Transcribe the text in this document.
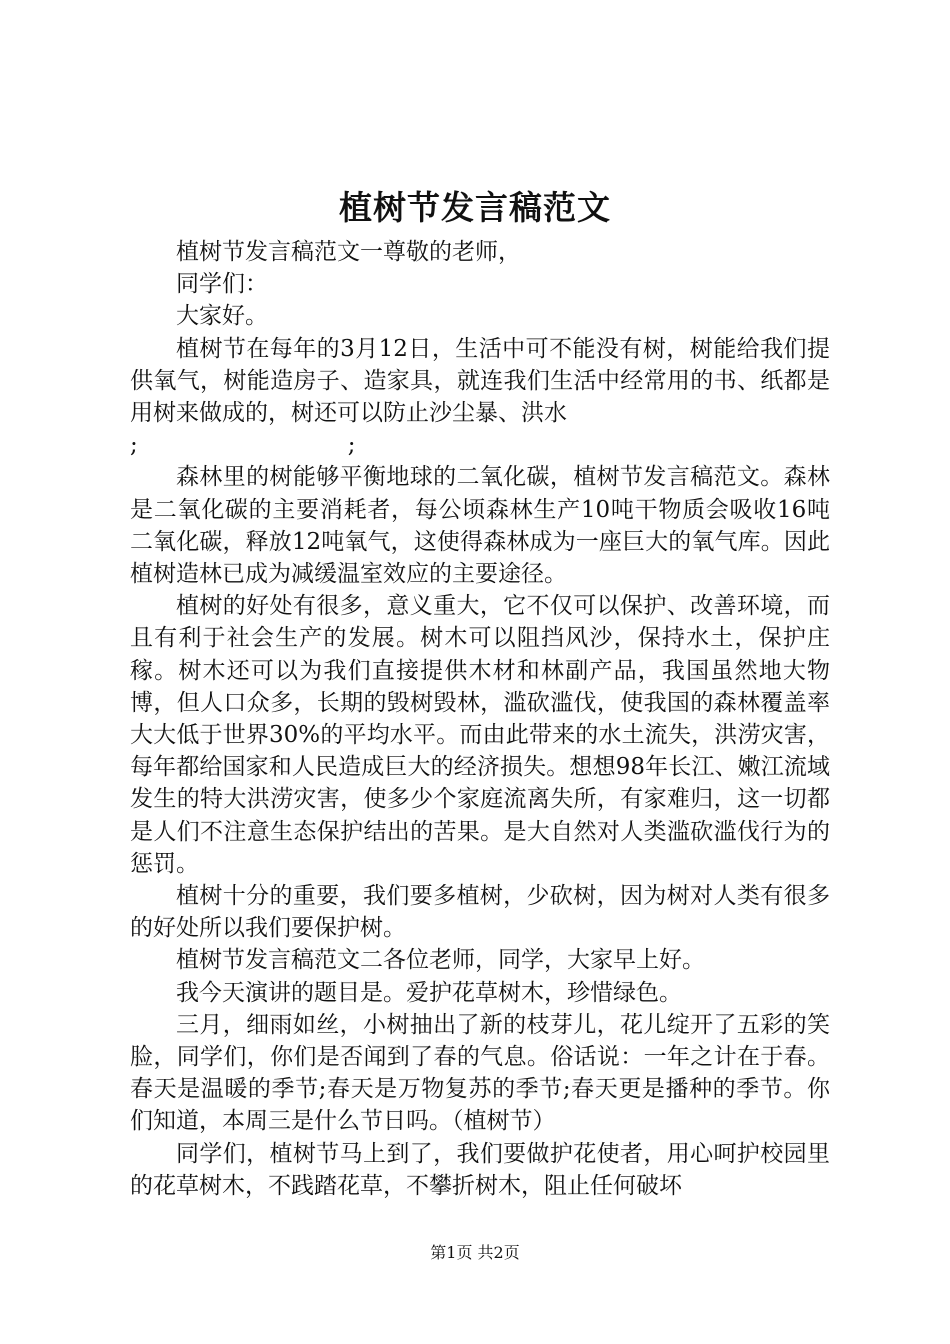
植树节发言稿范文

植树节发言稿范文一尊敬的老师，

同学们：

大家好。

植树节在每年的3月12日，生活中可不能没有树，树能给我们提供氧气，树能造房子、造家具，就连我们生活中经常用的书、纸都是用树来做成的，树还可以防止沙尘暴、洪水

;	;

森林里的树能够平衡地球的二氧化碳，植树节发言稿范文。森林是二氧化碳的主要消耗者，每公顷森林生产10吨干物质会吸收16吨二氧化碳，释放12吨氧气，这使得森林成为一座巨大的氧气库。因此植树造林已成为减缓温室效应的主要途径。

植树的好处有很多，意义重大，它不仅可以保护、改善环境，而且有利于社会生产的发展。树木可以阻挡风沙，保持水土，保护庄稼。树木还可以为我们直接提供木材和林副产品，我国虽然地大物博，但人口众多，长期的毁树毁林，滥砍滥伐，使我国的森林覆盖率大大低于世界30%的平均水平。而由此带来的水土流失，洪涝灾害，每年都给国家和人民造成巨大的经济损失。想想98年长江、嫩江流域发生的特大洪涝灾害，使多少个家庭流离失所，有家难归，这一切都是人们不注意生态保护结出的苦果。是大自然对人类滥砍滥伐行为的惩罚。

植树十分的重要，我们要多植树，少砍树，因为树对人类有很多的好处所以我们要保护树。

植树节发言稿范文二各位老师，同学，大家早上好。

我今天演讲的题目是。爱护花草树木，珍惜绿色。

三月，细雨如丝，小树抽出了新的枝芽儿，花儿绽开了五彩的笑脸，同学们，你们是否闻到了春的气息。俗话说：一年之计在于春。春天是温暖的季节;春天是万物复苏的季节;春天更是播种的季节。你们知道，本周三是什么节日吗。（植树节）

同学们，植树节马上到了，我们要做护花使者，用心呵护校园里的花草树木，不践踏花草，不攀折树木，阻止任何破坏

第1页 共2页
